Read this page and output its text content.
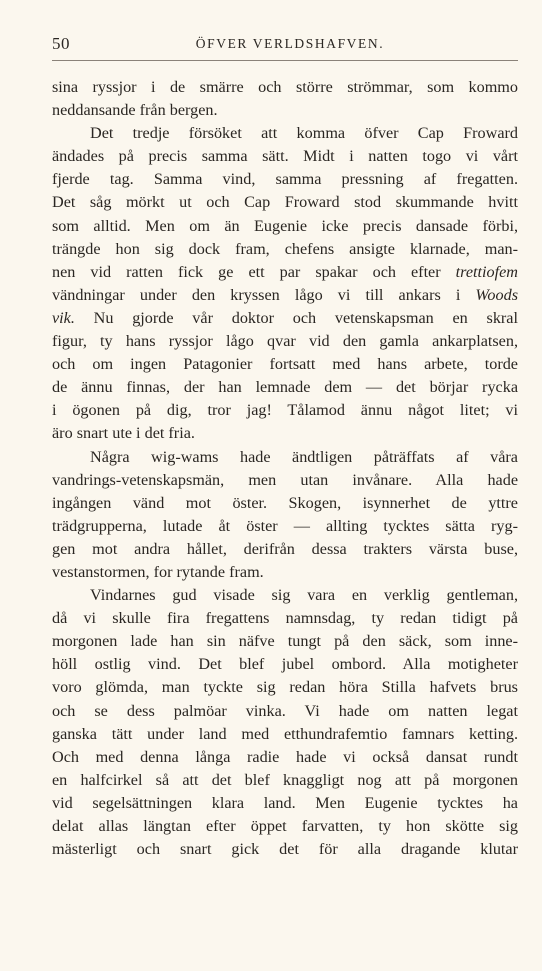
50	ÖFVER VERLDSHAFVEN.
sina ryssjor i de smärre och större strömmar, som kommo
neddansande från bergen.
Det tredje försöket att komma öfver Cap Froward
ändades på precis samma sätt. Midt i natten togo vi vårt
fjerde tag. Samma vind, samma pressning af fregatten.
Det såg mörkt ut och Cap Froward stod skummande hvitt
som alltid. Men om än Eugenie icke precis dansade förbi,
trängde hon sig dock fram, chefens ansigte klarnade, man-
nen vid ratten fick ge ett par spakar och efter trettiofem
vändningar under den kryssen lågo vi till ankars i Woods
vik. Nu gjorde vår doktor och vetenskapsman en skral
figur, ty hans ryssjor lågo qvar vid den gamla ankarplatsen,
och om ingen Patagonier fortsatt med hans arbete, torde
de ännu finnas, der han lemnade dem — det börjar rycka
i ögonen på dig, tror jag! Tålamod ännu något litet; vi
äro snart ute i det fria.
Några wig-wams hade ändtligen påträffats af våra
vandrings-vetenskapsmän, men utan invånare. Alla hade
ingången vänd mot öster. Skogen, isynnerhet de yttre
trädgrupperna, lutade åt öster — allting tycktes sätta ryg-
gen mot andra hållet, derifrån dessa trakters värsta buse,
vestanstormen, for rytande fram.
Vindarnes gud visade sig vara en verklig gentleman,
då vi skulle fira fregattens namnsdag, ty redan tidigt på
morgonen lade han sin näfve tungt på den säck, som inne-
höll ostlig vind. Det blef jubel ombord. Alla motigheter
voro glömda, man tyckte sig redan höra Stilla hafvets brus
och se dess palmöar vinka. Vi hade om natten legat
ganska tätt under land med etthundrafemtio famnars ketting.
Och med denna långa radie hade vi också dansat rundt
en halfcirkel så att det blef knaggligt nog att på morgonen
vid segelsättningen klara land. Men Eugenie tycktes ha
delat allas längtan efter öppet farvatten, ty hon skötte sig
mästerligt och snart gick det för alla dragande klutar
